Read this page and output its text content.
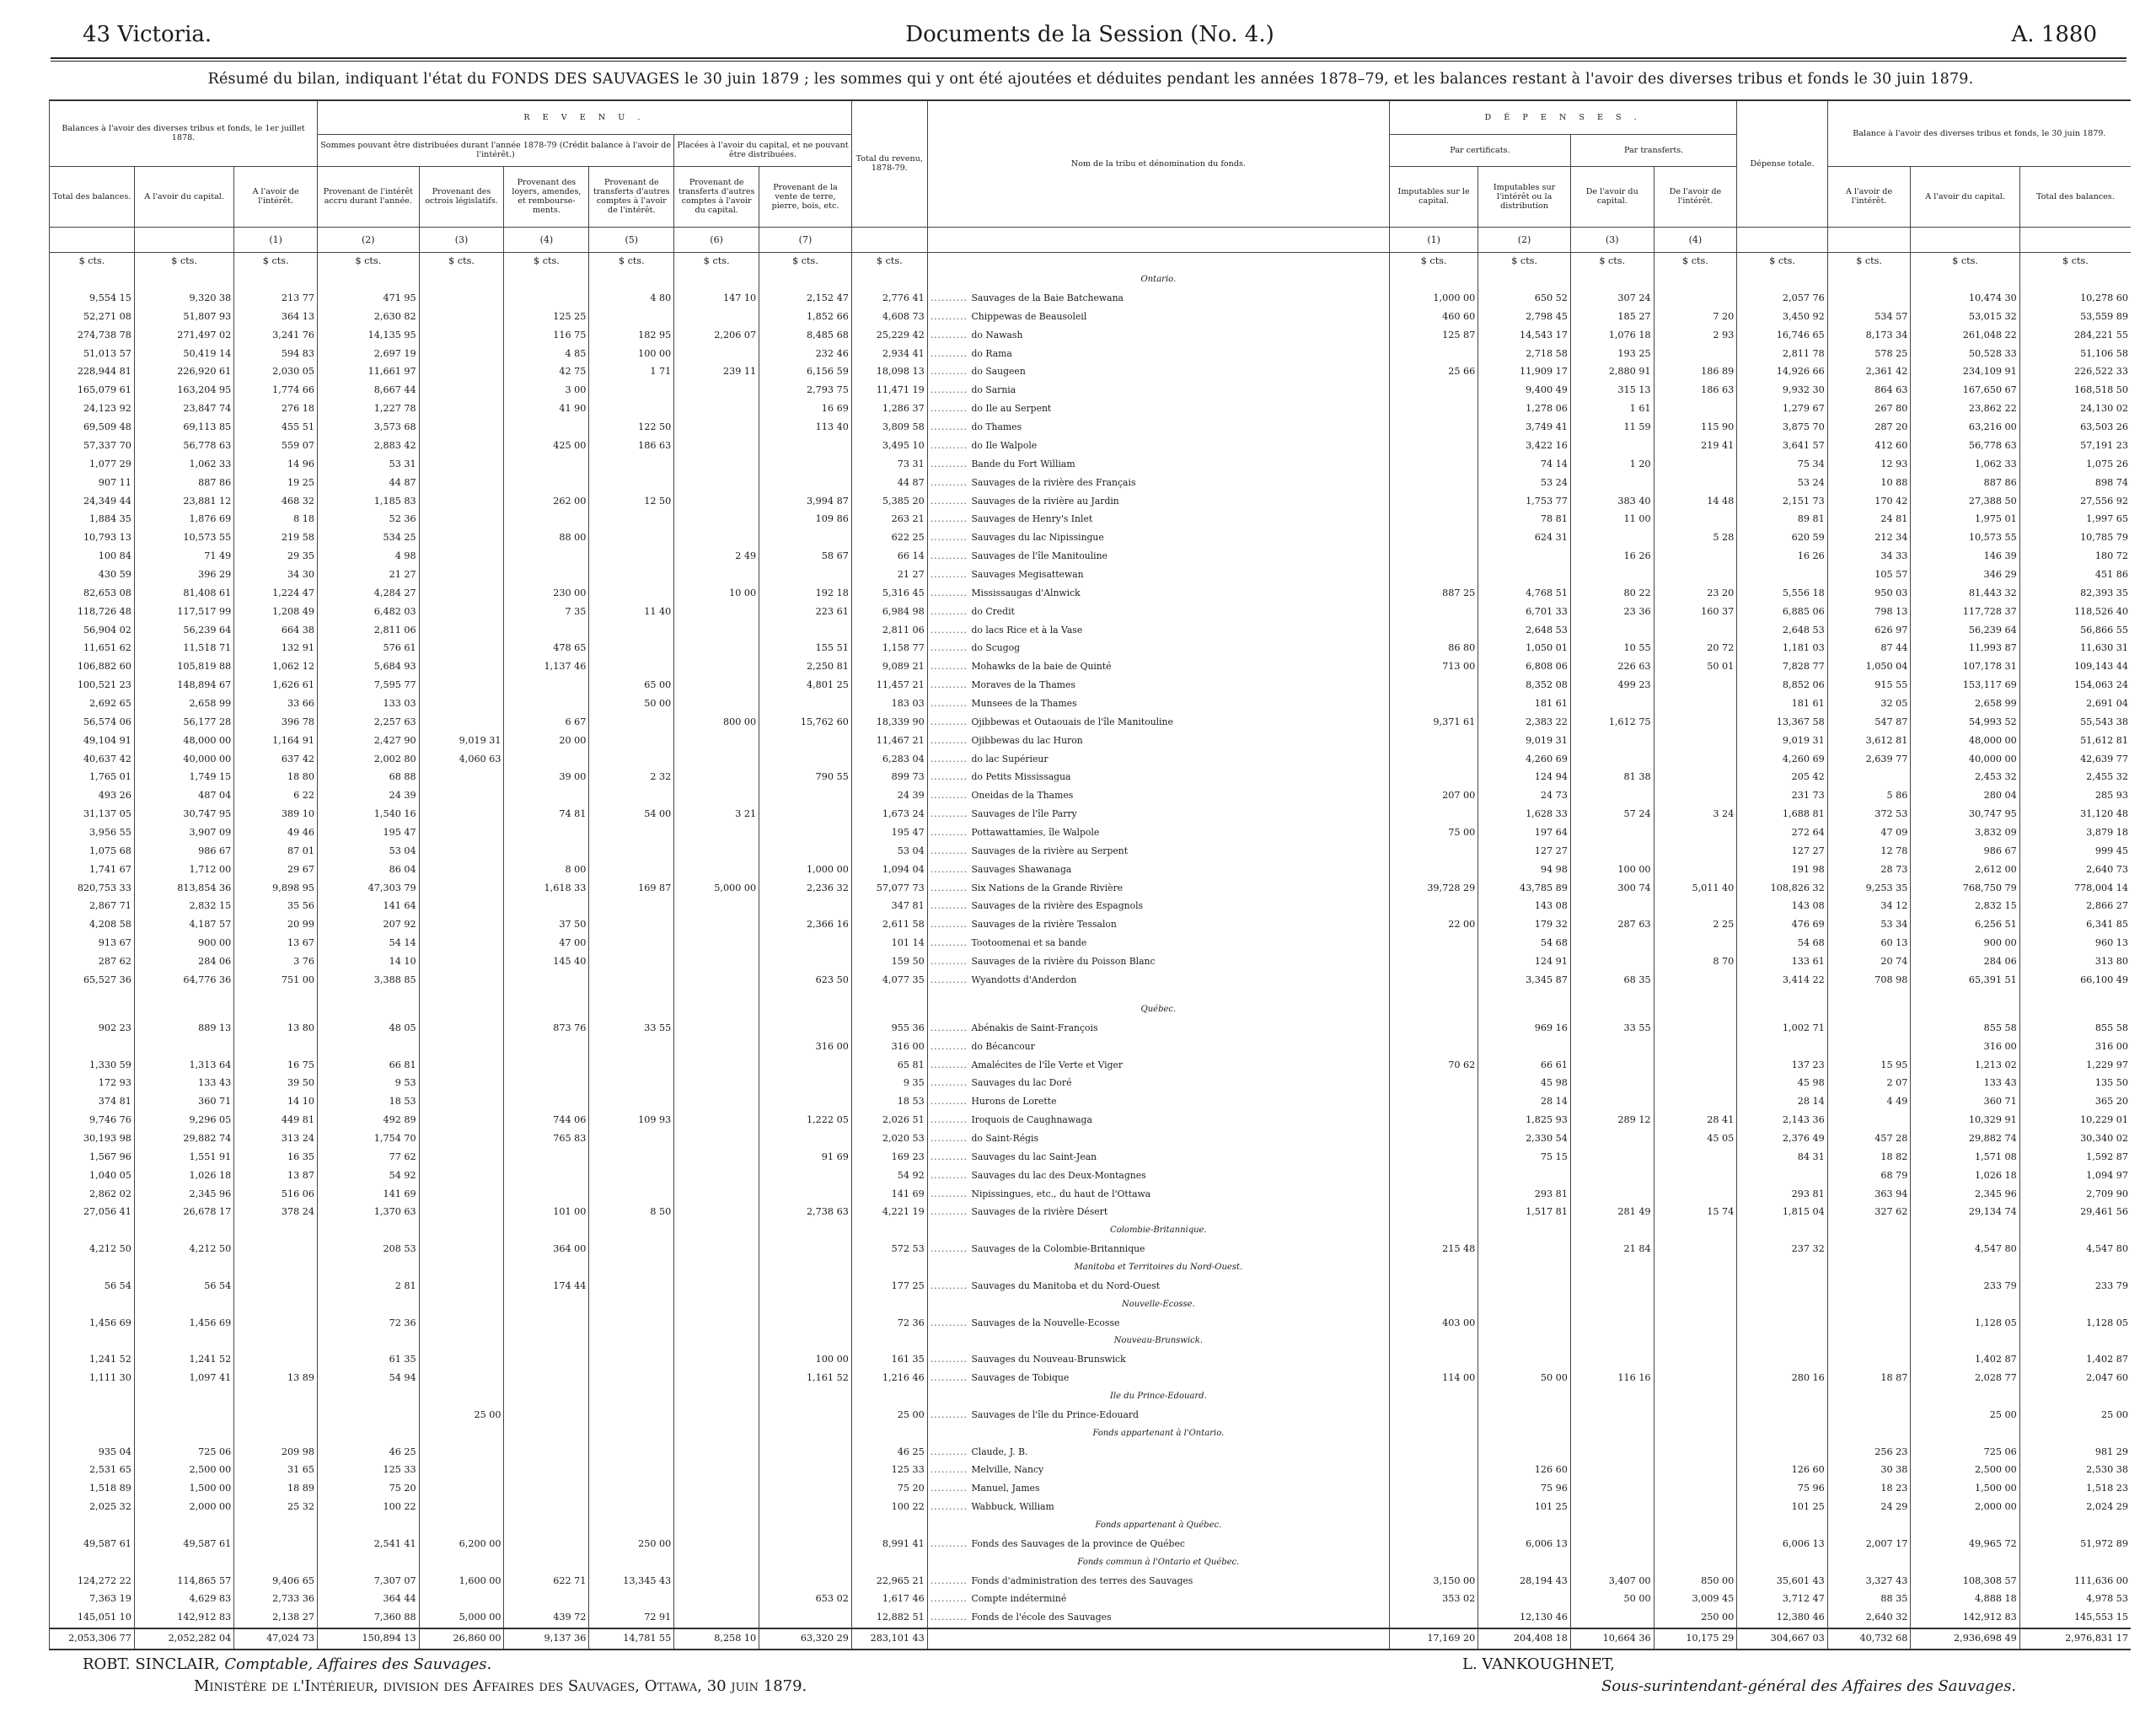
43 Victoria.	Documents de la Session (No. 4.)	A. 1880
Résumé du bilan, indiquant l'état du FONDS DES SAUVAGES le 30 juin 1879 ; les sommes qui y ont été ajoutées et déduites pendant les années 1878–79, et les balances restant à l'avoir des diverses tribus et fonds le 30 juin 1879.
Balances à l'avoir des diverses tribus et fonds, le 1er juillet 1878.			R E V E N U .						Total du revenu, 1878-79.	Nom de la tribu et dénomination du fonds.	D É P E N S E S .				Dépense totale.	Balance à l'avoir des diverses tribus et fonds, le 30 juin 1879.		
			Sommes pouvant être distribuées durant l'année 1878-79 (Crédit balance à l'avoir de l'intérêt.)				Placées à l'avoir du capital, et ne pouvant être distribuées.				Par certificats.		Par transferts.					
Total des balances.	A l'avoir du capital.	A l'avoir de l'intérêt.	Provenant de l'intérêt accru durant l'année.	Provenant des octrois législatifs.	Provenant des loyers, amendes, et rembourse-ments.	Provenant de transferts d'autres comptes à l'avoir de l'intérêt.	Provenant de transferts d'autres comptes à l'avoir du capital.	Provenant de la vente de terre, pierre, bois, etc.			Imputables sur le capital.	Imputables sur l'intérêt ou la distribution	De l'avoir du capital.	De l'avoir de l'intérêt.		A l'avoir de l'intérêt.	A l'avoir du capital.	Total des balances.
		(1)	(2)	(3)	(4)	(5)	(6)	(7)			(1)	(2)	(3)	(4)				
$ cts.	$ cts.	$ cts.	$ cts.	$ cts.	$ cts.	$ cts.	$ cts.	$ cts.	$ cts.		$ cts.	$ cts.	$ cts.	$ cts.	$ cts.	$ cts.	$ cts.	$ cts.
										Ontario.								
9,554 15	9,320 38	213 77	471 95			4 80	147 10	2,152 47	2,776 41	.......... Sauvages de la Baie Batchewana	1,000 00	650 52	307 24		2,057 76		10,474 30	10,278 60
52,271 08	51,807 93	364 13	2,630 82		125 25			1,852 66	4,608 73	.......... Chippewas de Beausoleil	460 60	2,798 45	185 27	7 20	3,450 92	534 57	53,015 32	53,559 89
274,738 78	271,497 02	3,241 76	14,135 95		116 75	182 95	2,206 07	8,485 68	25,229 42	.......... do Nawash	125 87	14,543 17	1,076 18	2 93	16,746 65	8,173 34	261,048 22	284,221 55
51,013 57	50,419 14	594 83	2,697 19		4 85	100 00		232 46	2,934 41	.......... do Rama		2,718 58	193 25		2,811 78	578 25	50,528 33	51,106 58
228,944 81	226,920 61	2,030 05	11,661 97		42 75	1 71	239 11	6,156 59	18,098 13	.......... do Saugeen	25 66	11,909 17	2,880 91	186 89	14,926 66	2,361 42	234,109 91	226,522 33
165,079 61	163,204 95	1,774 66	8,667 44		3 00			2,793 75	11,471 19	.......... do Sarnia		9,400 49	315 13	186 63	9,932 30	864 63	167,650 67	168,518 50
24,123 92	23,847 74	276 18	1,227 78		41 90			16 69	1,286 37	.......... do Ile au Serpent		1,278 06	1 61		1,279 67	267 80	23,862 22	24,130 02
69,509 48	69,113 85	455 51	3,573 68			122 50		113 40	3,809 58	.......... do Thames		3,749 41	11 59	115 90	3,875 70	287 20	63,216 00	63,503 26
57,337 70	56,778 63	559 07	2,883 42		425 00	186 63			3,495 10	.......... do Ile Walpole		3,422 16		219 41	3,641 57	412 60	56,778 63	57,191 23
1,077 29	1,062 33	14 96	53 31						73 31	.......... Bande du Fort William		74 14	1 20		75 34	12 93	1,062 33	1,075 26
907 11	887 86	19 25	44 87						44 87	.......... Sauvages de la rivière des Français		53 24			53 24	10 88	887 86	898 74
24,349 44	23,881 12	468 32	1,185 83		262 00	12 50		3,994 87	5,385 20	.......... Sauvages de la rivière au Jardin		1,753 77	383 40	14 48	2,151 73	170 42	27,388 50	27,556 92
1,884 35	1,876 69	8 18	52 36					109 86	263 21	.......... Sauvages de Henry's Inlet		78 81	11 00		89 81	24 81	1,975 01	1,997 65
10,793 13	10,573 55	219 58	534 25		88 00				622 25	.......... Sauvages du lac Nipissingue		624 31		5 28	620 59	212 34	10,573 55	10,785 79
100 84	71 49	29 35	4 98				2 49	58 67	66 14	.......... Sauvages de l'île Manitouline			16 26		16 26	34 33	146 39	180 72
430 59	396 29	34 30	21 27						21 27	.......... Sauvages Megisattewan						105 57	346 29	451 86
82,653 08	81,408 61	1,224 47	4,284 27		230 00		10 00	192 18	5,316 45	.......... Mississaugas d'Alnwick	887 25	4,768 51	80 22	23 20	5,556 18	950 03	81,443 32	82,393 35
118,726 48	117,517 99	1,208 49	6,482 03		7 35	11 40		223 61	6,984 98	.......... do Credit		6,701 33	23 36	160 37	6,885 06	798 13	117,728 37	118,526 40
56,904 02	56,239 64	664 38	2,811 06						2,811 06	.......... do lacs Rice et à la Vase		2,648 53			2,648 53	626 97	56,239 64	56,866 55
11,651 62	11,518 71	132 91	576 61		478 65			155 51	1,158 77	.......... do Scugog	86 80	1,050 01	10 55	20 72	1,181 03	87 44	11,993 87	11,630 31
106,882 60	105,819 88	1,062 12	5,684 93		1,137 46			2,250 81	9,089 21	.......... Mohawks de la baie de Quinté	713 00	6,808 06	226 63	50 01	7,828 77	1,050 04	107,178 31	109,143 44
100,521 23	148,894 67	1,626 61	7,595 77			65 00		4,801 25	11,457 21	.......... Moraves de la Thames		8,352 08	499 23		8,852 06	915 55	153,117 69	154,063 24
2,692 65	2,658 99	33 66	133 03			50 00			183 03	.......... Munsees de la Thames		181 61			181 61	32 05	2,658 99	2,691 04
56,574 06	56,177 28	396 78	2,257 63		6 67		800 00	15,762 60	18,339 90	.......... Ojibbewas et Outaouais de l'île Manitouline	9,371 61	2,383 22	1,612 75		13,367 58	547 87	54,993 52	55,543 38
49,104 91	48,000 00	1,164 91	2,427 90	9,019 31	20 00				11,467 21	.......... Ojibbewas du lac Huron		9,019 31			9,019 31	3,612 81	48,000 00	51,612 81
40,637 42	40,000 00	637 42	2,002 80	4,060 63					6,283 04	.......... do lac Supérieur		4,260 69			4,260 69	2,639 77	40,000 00	42,639 77
1,765 01	1,749 15	18 80	68 88		39 00	2 32		790 55	899 73	.......... do Petits Mississagua		124 94	81 38		205 42		2,453 32	2,455 32
493 26	487 04	6 22	24 39						24 39	.......... Oneidas de la Thames	207 00	24 73			231 73	5 86	280 04	285 93
31,137 05	30,747 95	389 10	1,540 16		74 81	54 00	3 21		1,673 24	.......... Sauvages de l'île Parry		1,628 33	57 24	3 24	1,688 81	372 53	30,747 95	31,120 48
3,956 55	3,907 09	49 46	195 47						195 47	.......... Pottawattamies, île Walpole	75 00	197 64			272 64	47 09	3,832 09	3,879 18
1,075 68	986 67	87 01	53 04						53 04	.......... Sauvages de la rivière au Serpent		127 27			127 27	12 78	986 67	999 45
1,741 67	1,712 00	29 67	86 04		8 00			1,000 00	1,094 04	.......... Sauvages Shawanaga		94 98	100 00		191 98	28 73	2,612 00	2,640 73
820,753 33	813,854 36	9,898 95	47,303 79		1,618 33	169 87	5,000 00	2,236 32	57,077 73	.......... Six Nations de la Grande Rivière	39,728 29	43,785 89	300 74	5,011 40	108,826 32	9,253 35	768,750 79	778,004 14
2,867 71	2,832 15	35 56	141 64						347 81	.......... Sauvages de la rivière des Espagnols		143 08			143 08	34 12	2,832 15	2,866 27
4,208 58	4,187 57	20 99	207 92		37 50			2,366 16	2,611 58	.......... Sauvages de la rivière Tessalon	22 00	179 32	287 63	2 25	476 69	53 34	6,256 51	6,341 85
913 67	900 00	13 67	54 14		47 00				101 14	.......... Tootoomenai et sa bande		54 68			54 68	60 13	900 00	960 13
287 62	284 06	3 76	14 10		145 40				159 50	.......... Sauvages de la rivière du Poisson Blanc		124 91		8 70	133 61	20 74	284 06	313 80
65,527 36	64,776 36	751 00	3,388 85					623 50	4,077 35	.......... Wyandotts d'Anderdon		3,345 87	68 35		3,414 22	708 98	65,391 51	66,100 49

										Québec.								
902 23	889 13	13 80	48 05		873 76	33 55			955 36	.......... Abénakis de Saint-François		969 16	33 55		1,002 71		855 58	855 58
								316 00	316 00	.......... do Bécancour							316 00	316 00
1,330 59	1,313 64	16 75	66 81						65 81	.......... Amalécites de l'île Verte et Viger	70 62	66 61			137 23	15 95	1,213 02	1,229 97
172 93	133 43	39 50	9 53						9 35	.......... Sauvages du lac Doré		45 98			45 98	2 07	133 43	135 50
374 81	360 71	14 10	18 53						18 53	.......... Hurons de Lorette		28 14			28 14	4 49	360 71	365 20
9,746 76	9,296 05	449 81	492 89		744 06	109 93		1,222 05	2,026 51	.......... Iroquois de Caughnawaga		1,825 93	289 12	28 41	2,143 36		10,329 91	10,229 01
30,193 98	29,882 74	313 24	1,754 70		765 83				2,020 53	.......... do Saint-Régis		2,330 54		45 05	2,376 49	457 28	29,882 74	30,340 02
1,567 96	1,551 91	16 35	77 62					91 69	169 23	.......... Sauvages du lac Saint-Jean		75 15			84 31	18 82	1,571 08	1,592 87
1,040 05	1,026 18	13 87	54 92						54 92	.......... Sauvages du lac des Deux-Montagnes						68 79	1,026 18	1,094 97
2,862 02	2,345 96	516 06	141 69						141 69	.......... Nipissingues, etc., du haut de l'Ottawa		293 81			293 81	363 94	2,345 96	2,709 90
27,056 41	26,678 17	378 24	1,370 63		101 00	8 50		2,738 63	4,221 19	.......... Sauvages de la rivière Désert		1,517 81	281 49	15 74	1,815 04	327 62	29,134 74	29,461 56
										Colombie-Britannique.								
4,212 50	4,212 50		208 53		364 00				572 53	.......... Sauvages de la Colombie-Britannique	215 48		21 84		237 32		4,547 80	4,547 80
										Manitoba et Territoires du Nord-Ouest.								
56 54	56 54		2 81		174 44				177 25	.......... Sauvages du Manitoba et du Nord-Ouest							233 79	233 79
										Nouvelle-Ecosse.								
1,456 69	1,456 69		72 36						72 36	.......... Sauvages de la Nouvelle-Ecosse	403 00						1,128 05	1,128 05
										Nouveau-Brunswick.								
1,241 52	1,241 52		61 35					100 00	161 35	.......... Sauvages du Nouveau-Brunswick							1,402 87	1,402 87
1,111 30	1,097 41	13 89	54 94					1,161 52	1,216 46	.......... Sauvages de Tobique	114 00	50 00	116 16		280 16	18 87	2,028 77	2,047 60
										Ile du Prince-Edouard.								
				25 00					25 00	.......... Sauvages de l'île du Prince-Edouard							25 00	25 00
										Fonds appartenant à l'Ontario.								
935 04	725 06	209 98	46 25						46 25	.......... Claude, J. B.						256 23	725 06	981 29
2,531 65	2,500 00	31 65	125 33						125 33	.......... Melville, Nancy		126 60			126 60	30 38	2,500 00	2,530 38
1,518 89	1,500 00	18 89	75 20						75 20	.......... Manuel, James		75 96			75 96	18 23	1,500 00	1,518 23
2,025 32	2,000 00	25 32	100 22						100 22	.......... Wabbuck, William		101 25			101 25	24 29	2,000 00	2,024 29
										Fonds appartenant à Québec.								
49,587 61	49,587 61		2,541 41	6,200 00		250 00			8,991 41	.......... Fonds des Sauvages de la province de Québec		6,006 13			6,006 13	2,007 17	49,965 72	51,972 89
										Fonds commun à l'Ontario et Québec.								
124,272 22	114,865 57	9,406 65	7,307 07	1,600 00	622 71	13,345 43			22,965 21	.......... Fonds d'administration des terres des Sauvages	3,150 00	28,194 43	3,407 00	850 00	35,601 43	3,327 43	108,308 57	111,636 00
7,363 19	4,629 83	2,733 36	364 44					653 02	1,617 46	.......... Compte indéterminé	353 02		50 00	3,009 45	3,712 47	88 35	4,888 18	4,978 53
145,051 10	142,912 83	2,138 27	7,360 88	5,000 00	439 72	72 91			12,882 51	.......... Fonds de l'école des Sauvages		12,130 46		250 00	12,380 46	2,640 32	142,912 83	145,553 15
2,053,306 77	2,052,282 04	47,024 73	150,894 13	26,860 00	9,137 36	14,781 55	8,258 10	63,320 29	283,101 43		17,169 20	204,408 18	10,664 36	10,175 29	304,667 03	40,732 68	2,936,698 49	2,976,831 17
ROBT. SINCLAIR, Comptable, Affaires des Sauvages.
Ministère de l'Intérieur, division des Affaires des Sauvages, Ottawa, 30 juin 1879.
L. VANKOUGHNET,
Sous-surintendant-général des Affaires des Sauvages.
